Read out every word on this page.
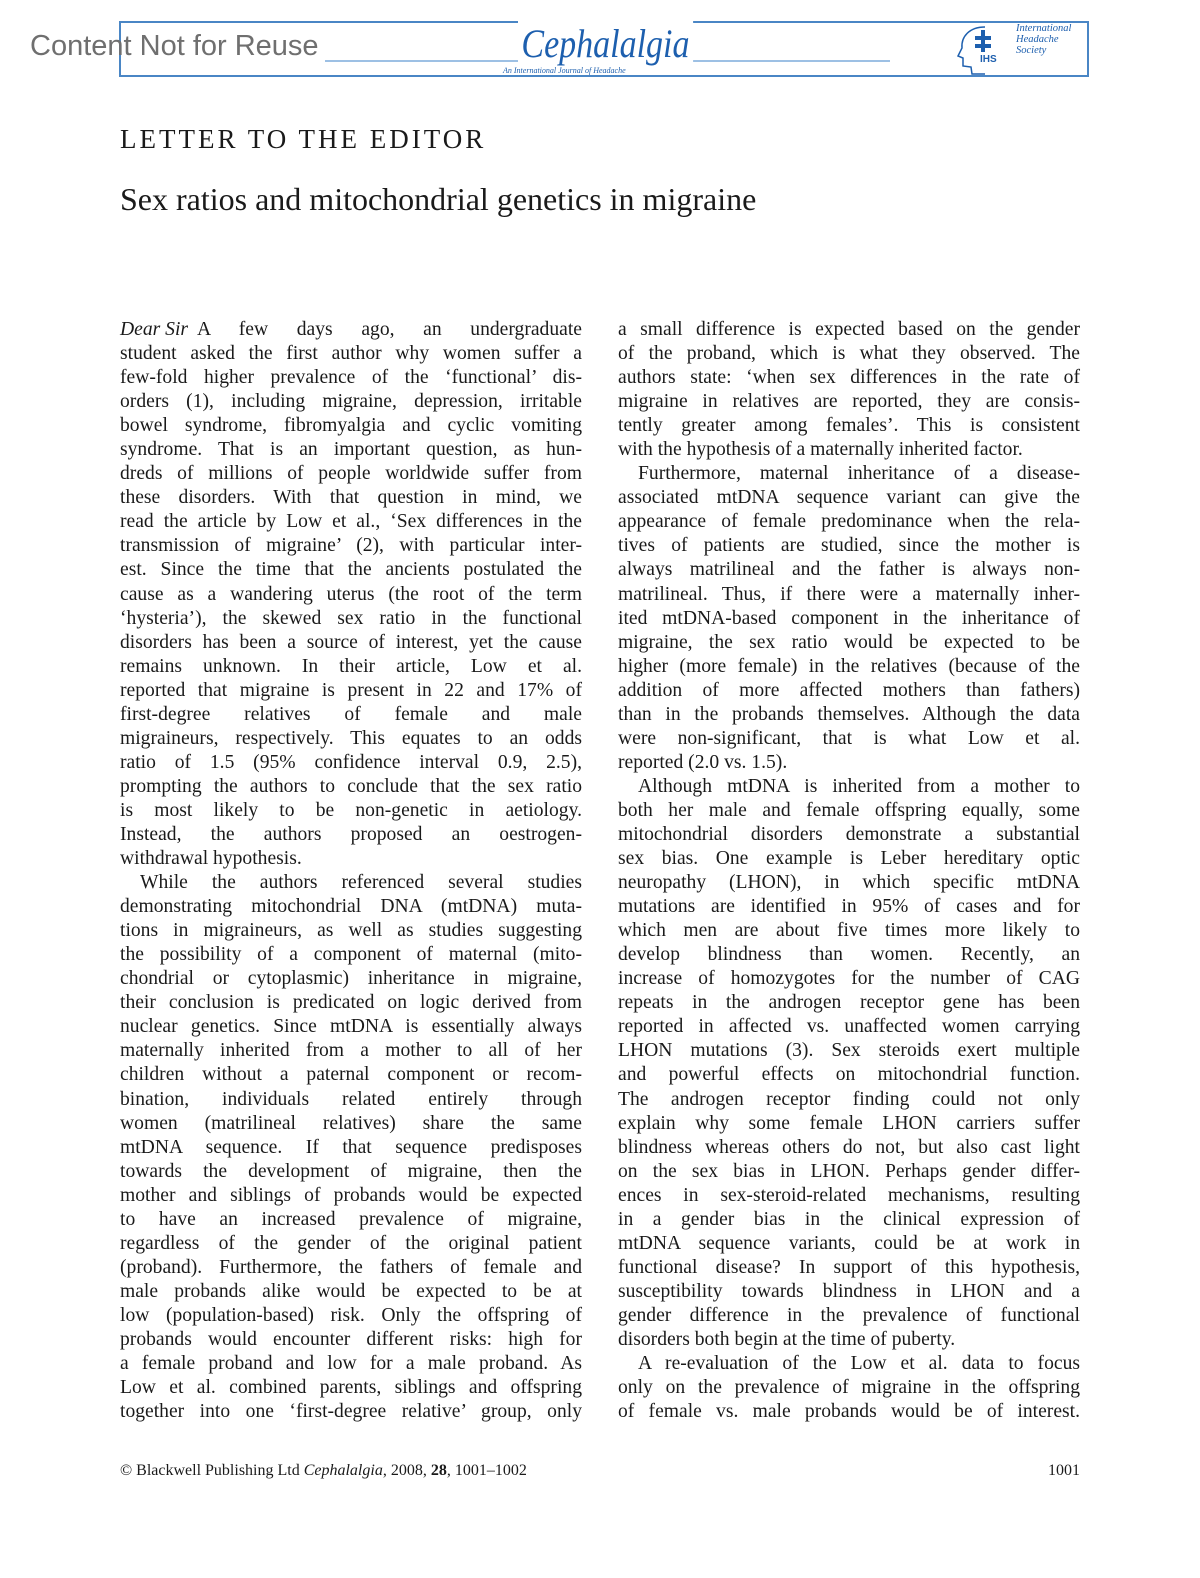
Content Not for Reuse	Cephalalgia
An International Journal of Headache
IHS
International
Headache
Society
LETTER TO THE EDITOR
Sex ratios and mitochondrial genetics in migraine
Dear Sir A few days ago, an undergraduate
student asked the first author why women suffer a
few-fold higher prevalence of the ‘functional’ dis-
orders (1), including migraine, depression, irritable
bowel syndrome, fibromyalgia and cyclic vomiting
syndrome. That is an important question, as hun-
dreds of millions of people worldwide suffer from
these disorders. With that question in mind, we
read the article by Low et al., ‘Sex differences in the
transmission of migraine’ (2), with particular inter-
est. Since the time that the ancients postulated the
cause as a wandering uterus (the root of the term
‘hysteria’), the skewed sex ratio in the functional
disorders has been a source of interest, yet the cause
remains unknown. In their article, Low et al.
reported that migraine is present in 22 and 17% of
first-degree relatives of female and male
migraineurs, respectively. This equates to an odds
ratio of 1.5 (95% confidence interval 0.9, 2.5),
prompting the authors to conclude that the sex ratio
is most likely to be non-genetic in aetiology.
Instead, the authors proposed an oestrogen-
withdrawal hypothesis.
While the authors referenced several studies
demonstrating mitochondrial DNA (mtDNA) muta-
tions in migraineurs, as well as studies suggesting
the possibility of a component of maternal (mito-
chondrial or cytoplasmic) inheritance in migraine,
their conclusion is predicated on logic derived from
nuclear genetics. Since mtDNA is essentially always
maternally inherited from a mother to all of her
children without a paternal component or recom-
bination, individuals related entirely through
women (matrilineal relatives) share the same
mtDNA sequence. If that sequence predisposes
towards the development of migraine, then the
mother and siblings of probands would be expected
to have an increased prevalence of migraine,
regardless of the gender of the original patient
(proband). Furthermore, the fathers of female and
male probands alike would be expected to be at
low (population-based) risk. Only the offspring of
probands would encounter different risks: high for
a female proband and low for a male proband. As
Low et al. combined parents, siblings and offspring
together into one ‘first-degree relative’ group, only
a small difference is expected based on the gender
of the proband, which is what they observed. The
authors state: ‘when sex differences in the rate of
migraine in relatives are reported, they are consis-
tently greater among females’. This is consistent
with the hypothesis of a maternally inherited factor.
Furthermore, maternal inheritance of a disease-
associated mtDNA sequence variant can give the
appearance of female predominance when the rela-
tives of patients are studied, since the mother is
always matrilineal and the father is always non-
matrilineal. Thus, if there were a maternally inher-
ited mtDNA-based component in the inheritance of
migraine, the sex ratio would be expected to be
higher (more female) in the relatives (because of the
addition of more affected mothers than fathers)
than in the probands themselves. Although the data
were non-significant, that is what Low et al.
reported (2.0 vs. 1.5).
Although mtDNA is inherited from a mother to
both her male and female offspring equally, some
mitochondrial disorders demonstrate a substantial
sex bias. One example is Leber hereditary optic
neuropathy (LHON), in which specific mtDNA
mutations are identified in 95% of cases and for
which men are about five times more likely to
develop blindness than women. Recently, an
increase of homozygotes for the number of CAG
repeats in the androgen receptor gene has been
reported in affected vs. unaffected women carrying
LHON mutations (3). Sex steroids exert multiple
and powerful effects on mitochondrial function.
The androgen receptor finding could not only
explain why some female LHON carriers suffer
blindness whereas others do not, but also cast light
on the sex bias in LHON. Perhaps gender differ-
ences in sex-steroid-related mechanisms, resulting
in a gender bias in the clinical expression of
mtDNA sequence variants, could be at work in
functional disease? In support of this hypothesis,
susceptibility towards blindness in LHON and a
gender difference in the prevalence of functional
disorders both begin at the time of puberty.
A re-evaluation of the Low et al. data to focus
only on the prevalence of migraine in the offspring
of female vs. male probands would be of interest.
© Blackwell Publishing Ltd Cephalalgia, 2008, 28, 1001–1002	1001
